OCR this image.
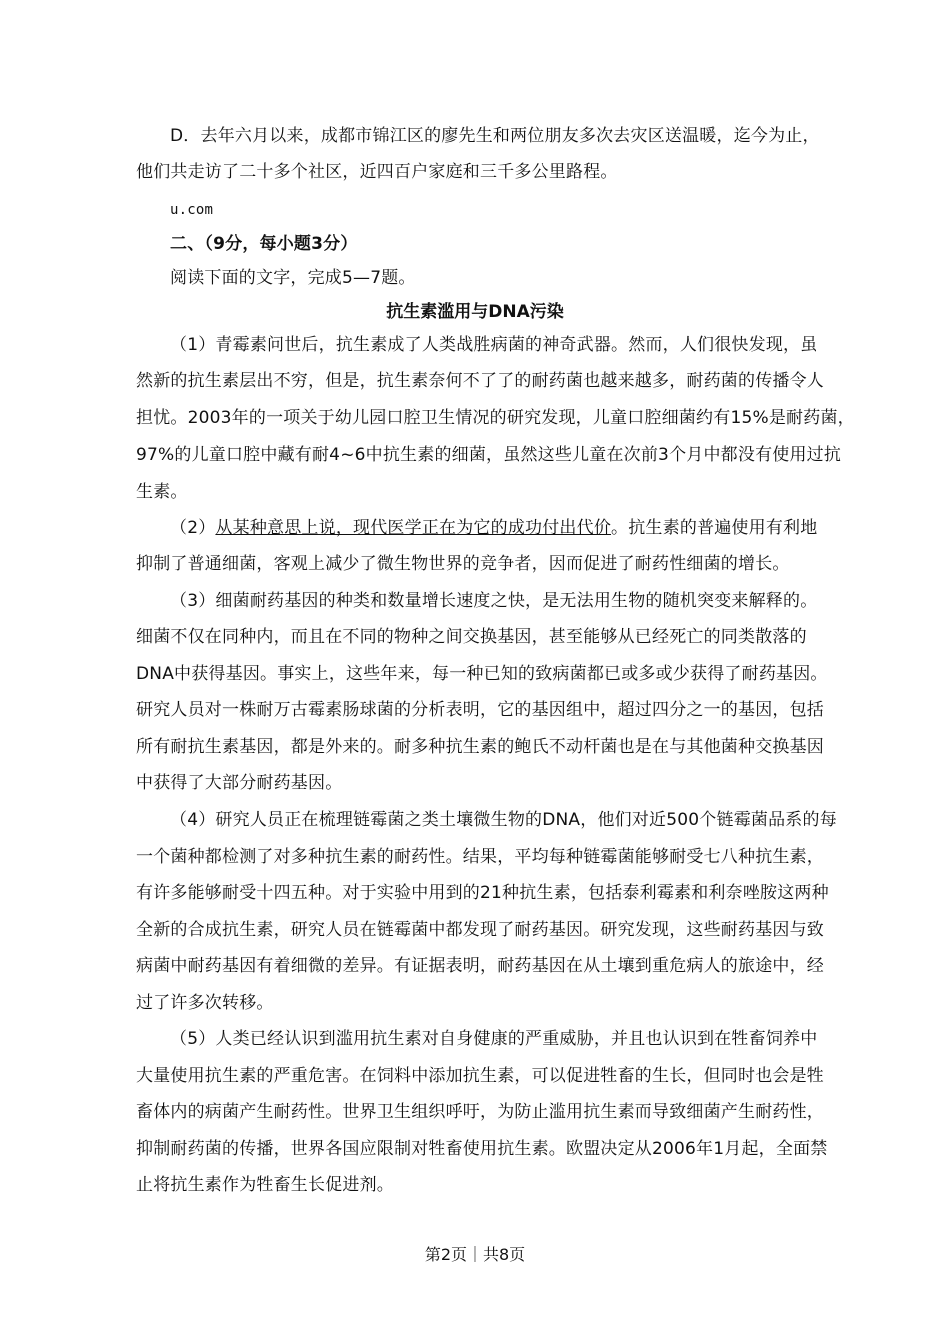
D．去年六月以来，成都市锦江区的廖先生和两位朋友多次去灾区送温暖，迄今为止，
他们共走访了二十多个社区，近四百户家庭和三千多公里路程。
u.com
二、（9分，每小题3分）
阅读下面的文字，完成5—7题。
抗生素滥用与DNA污染
（1）青霉素问世后，抗生素成了人类战胜病菌的神奇武器。然而，人们很快发现，虽
然新的抗生素层出不穷，但是，抗生素奈何不了了的耐药菌也越来越多，耐药菌的传播令人
担忧。2003年的一项关于幼儿园口腔卫生情况的研究发现，儿童口腔细菌约有15%是耐药菌，
97%的儿童口腔中藏有耐4~6中抗生素的细菌，虽然这些儿童在次前3个月中都没有使用过抗
生素。
（2）从某种意思上说，现代医学正在为它的成功付出代价。抗生素的普遍使用有利地
抑制了普通细菌，客观上减少了微生物世界的竞争者，因而促进了耐药性细菌的增长。
（3）细菌耐药基因的种类和数量增长速度之快，是无法用生物的随机突变来解释的。
细菌不仅在同种内，而且在不同的物种之间交换基因，甚至能够从已经死亡的同类散落的
DNA中获得基因。事实上，这些年来，每一种已知的致病菌都已或多或少获得了耐药基因。
研究人员对一株耐万古霉素肠球菌的分析表明，它的基因组中，超过四分之一的基因，包括
所有耐抗生素基因，都是外来的。耐多种抗生素的鲍氏不动杆菌也是在与其他菌种交换基因
中获得了大部分耐药基因。
（4）研究人员正在梳理链霉菌之类土壤微生物的DNA，他们对近500个链霉菌品系的每
一个菌种都检测了对多种抗生素的耐药性。结果，平均每种链霉菌能够耐受七八种抗生素，
有许多能够耐受十四五种。对于实验中用到的21种抗生素，包括泰利霉素和利奈唑胺这两种
全新的合成抗生素，研究人员在链霉菌中都发现了耐药基因。研究发现，这些耐药基因与致
病菌中耐药基因有着细微的差异。有证据表明，耐药基因在从土壤到重危病人的旅途中，经
过了许多次转移。
（5）人类已经认识到滥用抗生素对自身健康的严重威胁，并且也认识到在牲畜饲养中
大量使用抗生素的严重危害。在饲料中添加抗生素，可以促进牲畜的生长，但同时也会是牲
畜体内的病菌产生耐药性。世界卫生组织呼吁，为防止滥用抗生素而导致细菌产生耐药性，
抑制耐药菌的传播，世界各国应限制对牲畜使用抗生素。欧盟决定从2006年1月起，全面禁
止将抗生素作为牲畜生长促进剂。
第2页｜共8页
